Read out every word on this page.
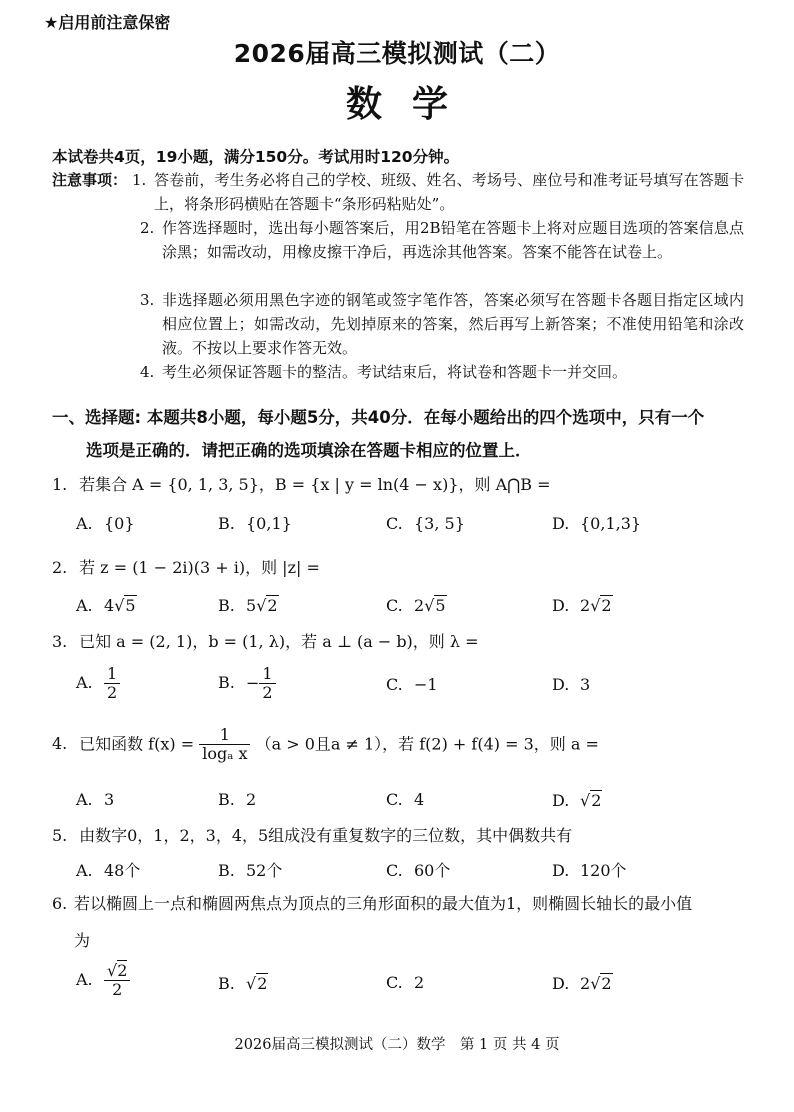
★启用前注意保密
2026届高三模拟测试（二）
数学
本试卷共4页，19小题，满分150分。考试用时120分钟。
注意事项： 1. 答卷前，考生务必将自己的学校、班级、姓名、考场号、座位号和准考证号填写在答题卡上，将条形码横贴在答题卡“条形码粘贴处”。
2. 作答选择题时，选出每小题答案后，用2B铅笔在答题卡上将对应题目选项的答案信息点涂黑；如需改动，用橡皮擦干净后，再选涂其他答案。答案不能答在试卷上。
3. 非选择题必须用黑色字迹的钢笔或签字笔作答，答案必须写在答题卡各题目指定区域内相应位置上；如需改动，先划掉原来的答案，然后再写上新答案；不准使用铅笔和涂改液。不按以上要求作答无效。
4. 考生必须保证答题卡的整洁。考试结束后，将试卷和答题卡一并交回。
一、选择题: 本题共8小题，每小题5分，共40分．在每小题给出的四个选项中，只有一个
选项是正确的．请把正确的选项填涂在答题卡相应的位置上．
1. 若集合 A = {0, 1, 3, 5}，B = {x | y = ln(4 − x)}，则 A⋂B =
A. {0}	B. {0,1}	C. {3, 5}	D. {0,1,3}
2. 若 z = (1 − 2i)(3 + i)，则 |z| =
A. 4√5	B. 5√2	C. 2√5	D. 2√2
3. 已知 a = (2, 1)，b = (1, λ)，若 a ⊥ (a − b)，则 λ =
A. $\frac{1}{2}$	B. − $\frac{1}{2}$	C. −1	D. 3
4. 已知函数 $f(x) = \frac{1}{\text{logₐ x}} (a > 0$且a ≠ 1），若 f(2) + f(4) = 3，则 a =
A. 3	B. 2	C. 4	D. √2
5. 由数字0，1，2，3，4，5组成没有重复数字的三位数，其中偶数共有
A. 48个	B. 52个	C. 60个	D. 120个
6. 若以椭圆上一点和椭圆两焦点为顶点的三角形面积的最大值为1，则椭圆长轴长的最小值
为
A. $\frac{√2}{2}$	B. √2	C. 2	D. 2√2
2026届高三模拟测试（二）数学　第 1 页 共 4 页
